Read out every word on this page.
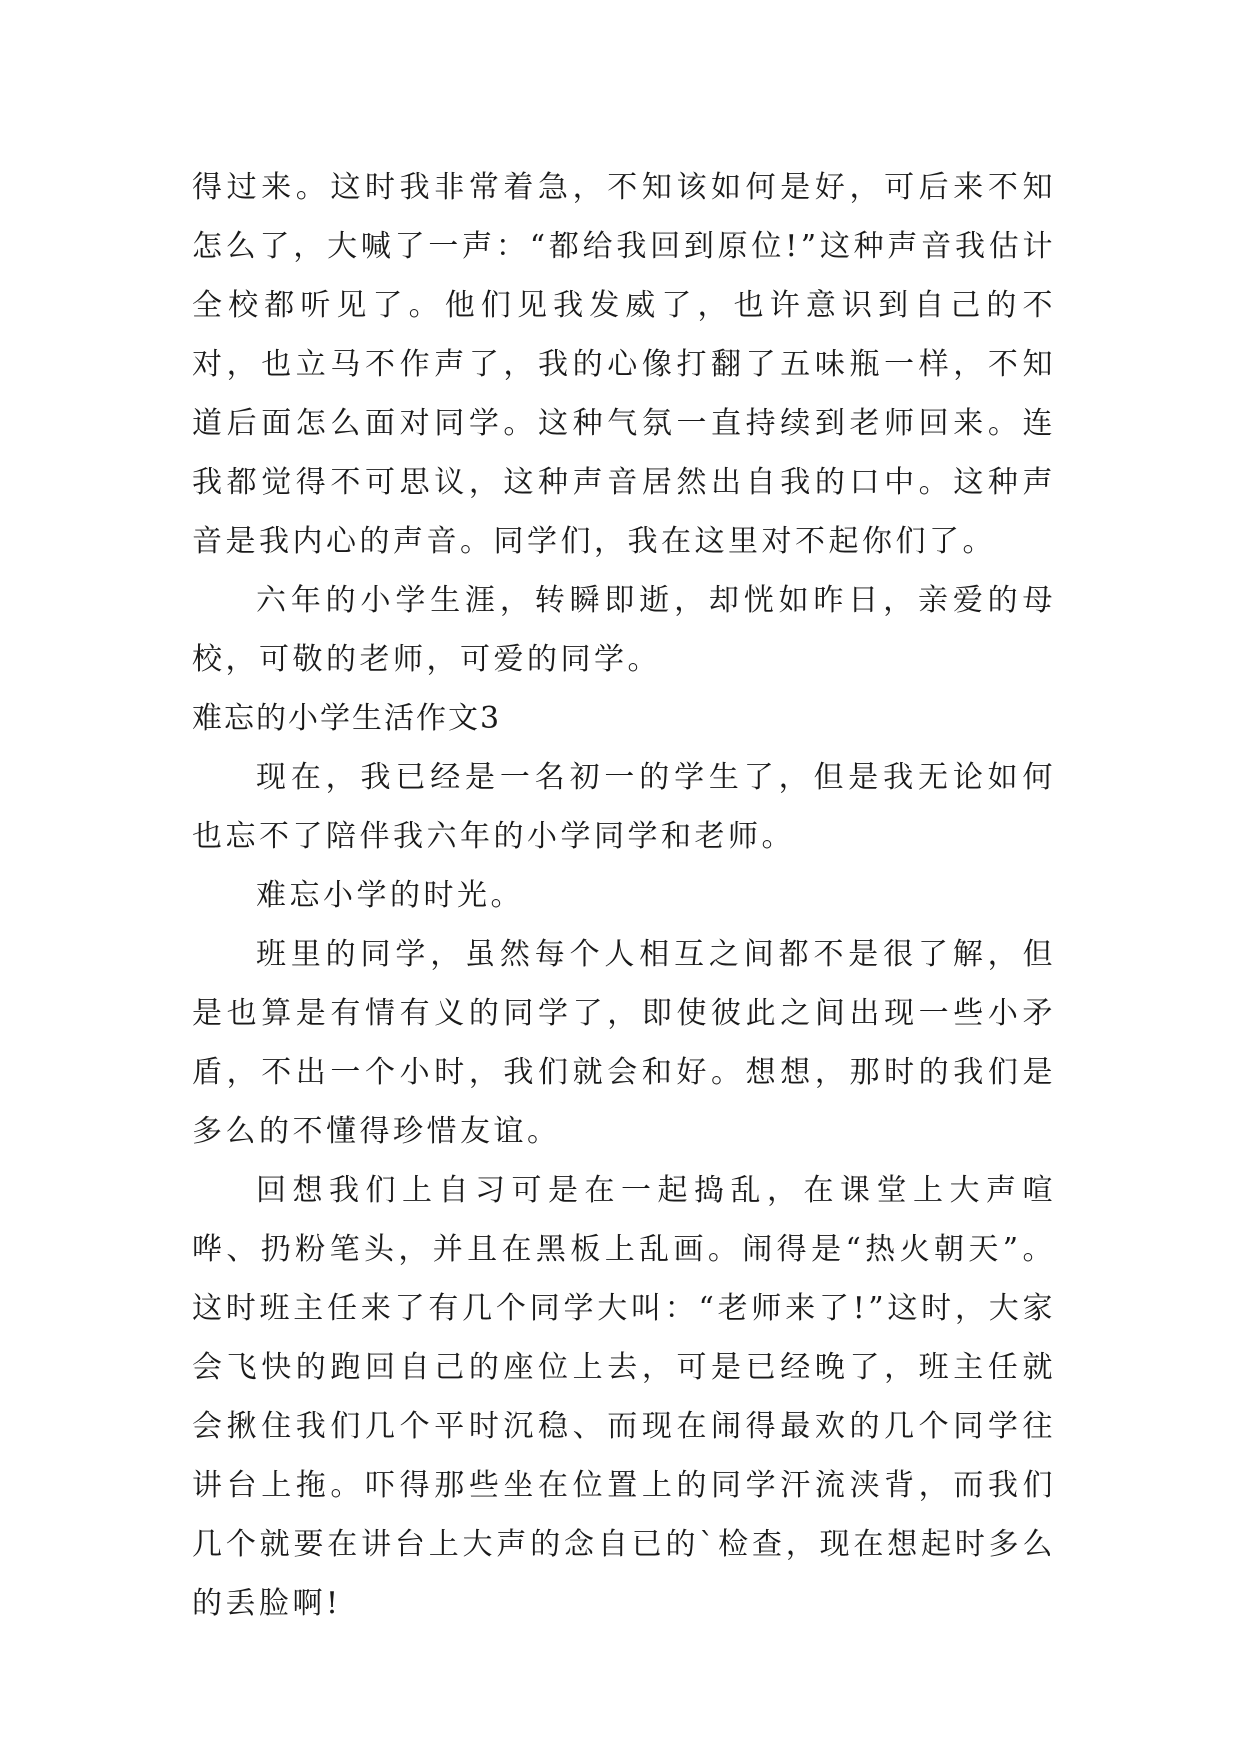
得过来。这时我非常着急，不知该如何是好，可后来不知怎么了，大喊了一声：“都给我回到原位!”这种声音我估计全校都听见了。他们见我发威了，也许意识到自己的不对，也立马不作声了，我的心像打翻了五味瓶一样，不知道后面怎么面对同学。这种气氛一直持续到老师回来。连我都觉得不可思议，这种声音居然出自我的口中。这种声音是我内心的声音。同学们，我在这里对不起你们了。

六年的小学生涯，转瞬即逝，却恍如昨日，亲爱的母校，可敬的老师，可爱的同学。

难忘的小学生活作文3

现在，我已经是一名初一的学生了，但是我无论如何也忘不了陪伴我六年的小学同学和老师。

难忘小学的时光。

班里的同学，虽然每个人相互之间都不是很了解，但是也算是有情有义的同学了，即使彼此之间出现一些小矛盾，不出一个小时，我们就会和好。想想，那时的我们是多么的不懂得珍惜友谊。

回想我们上自习可是在一起捣乱，在课堂上大声喧哗、扔粉笔头，并且在黑板上乱画。闹得是“热火朝天”。这时班主任来了有几个同学大叫：“老师来了!”这时，大家会飞快的跑回自己的座位上去，可是已经晚了，班主任就会揪住我们几个平时沉稳、而现在闹得最欢的几个同学往讲台上拖。吓得那些坐在位置上的同学汗流浃背，而我们几个就要在讲台上大声的念自已的`检查，现在想起时多么的丢脸啊!
